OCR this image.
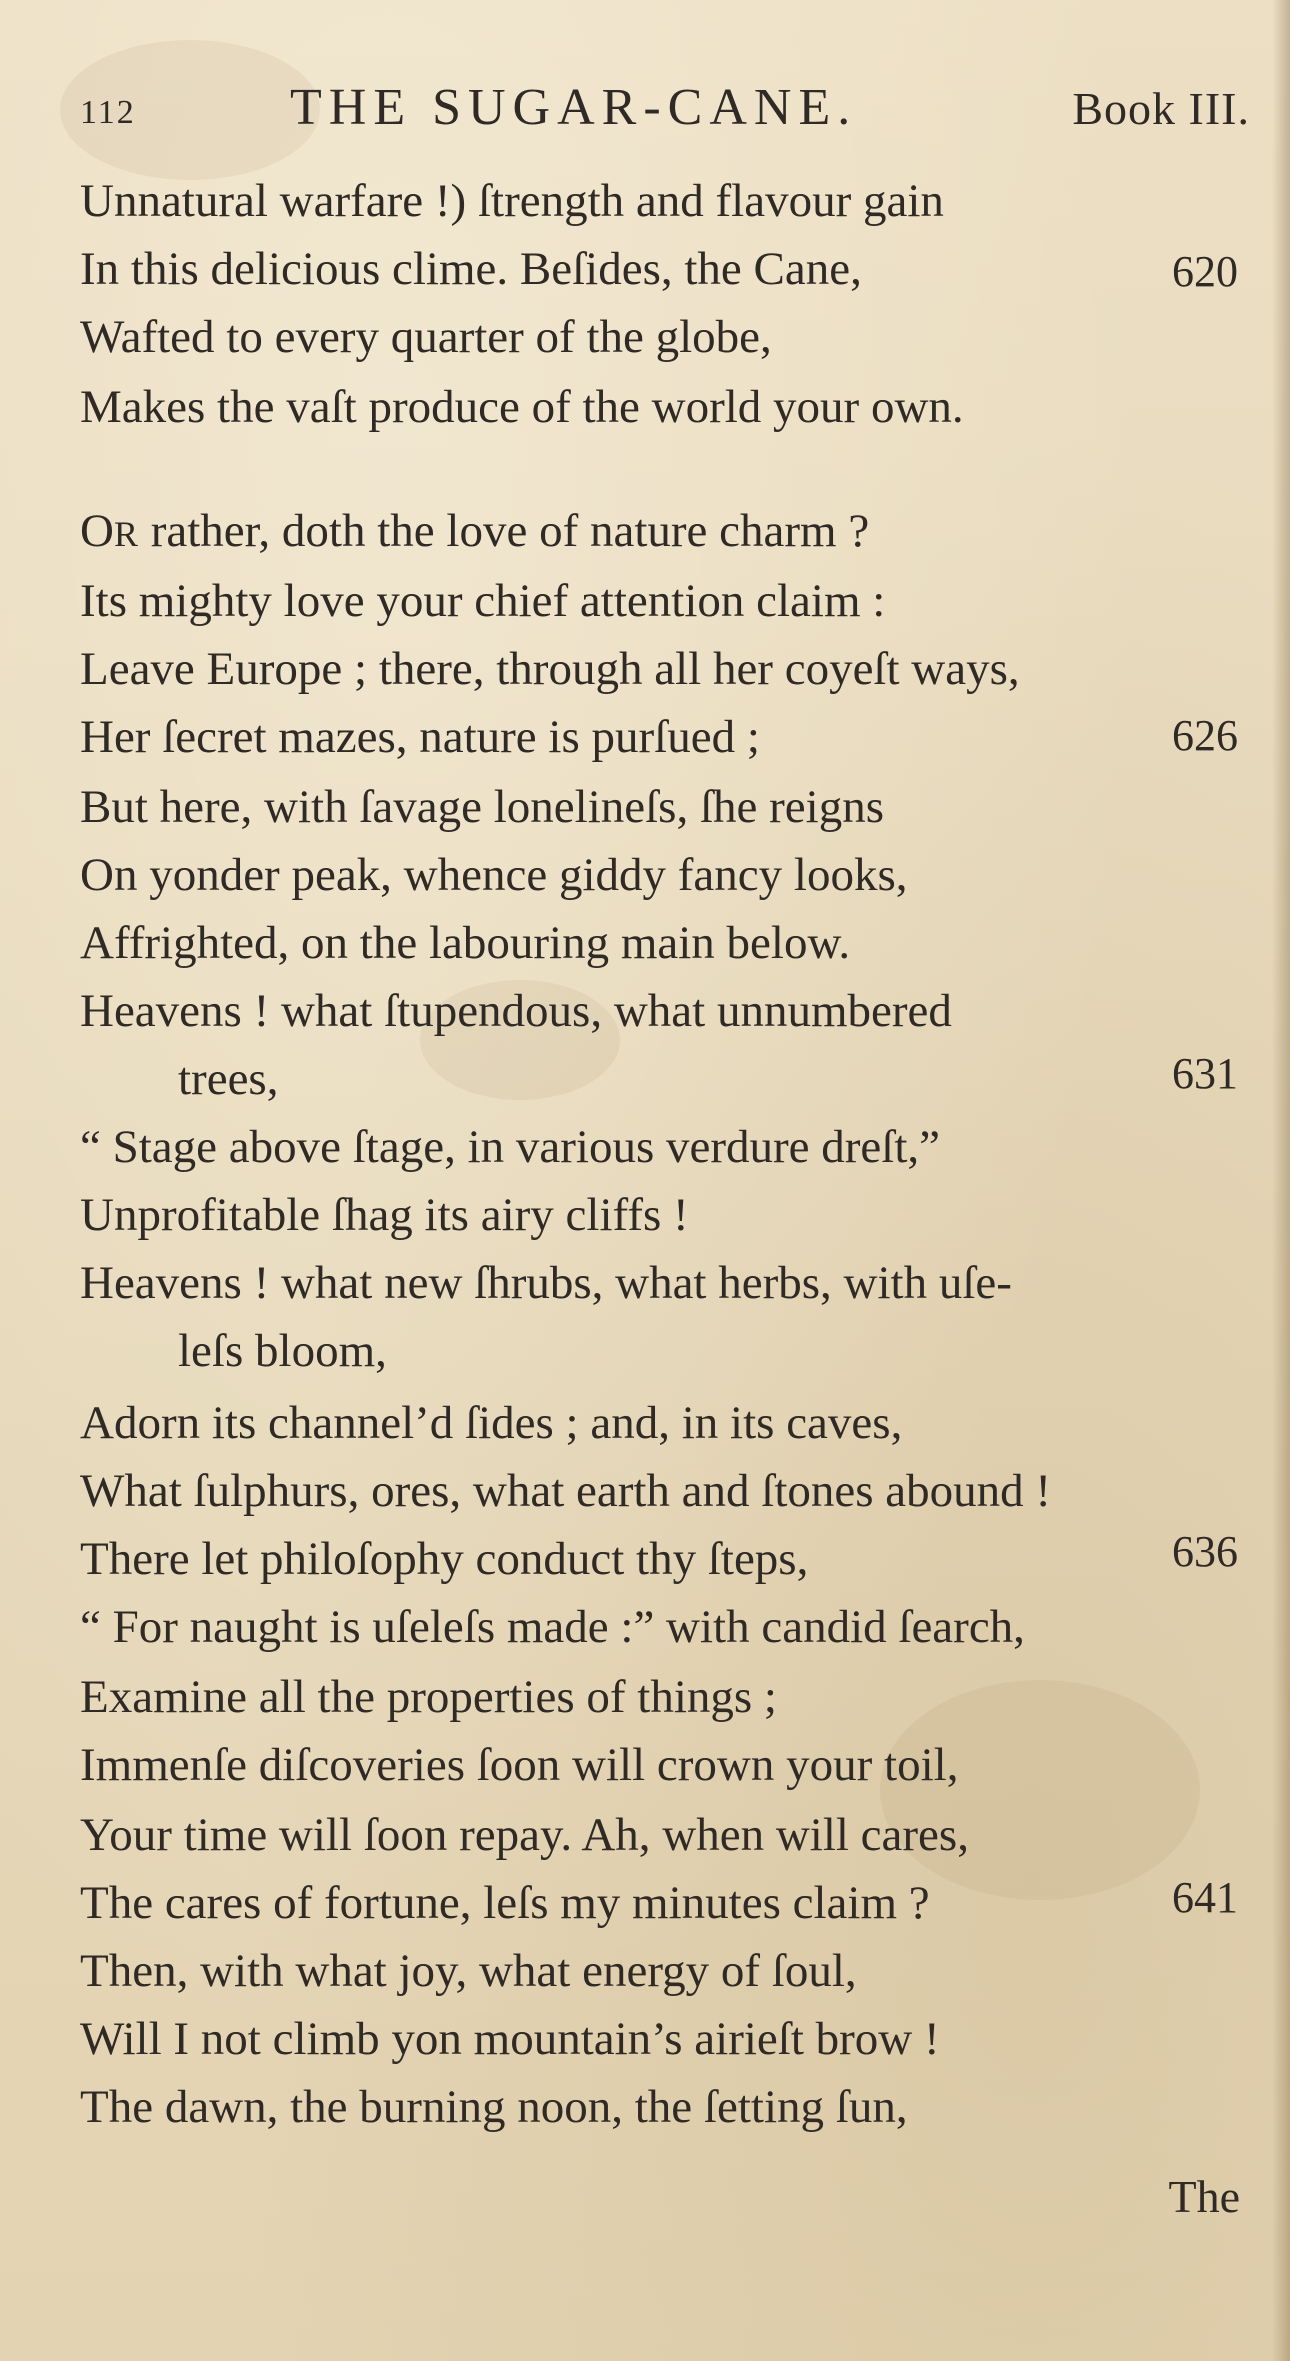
112	THE SUGAR-CANE.	Book III.
Unnatural warfare !) ſtrength and flavour gain
In this delicious clime. Beſides, the Cane,	620
Wafted to every quarter of the globe,
Makes the vaſt produce of the world your own.
OR rather, doth the love of nature charm ?
Its mighty love your chief attention claim :
Leave Europe ; there, through all her coyeſt ways,
Her ſecret mazes, nature is purſued ;	626
But here, with ſavage lonelineſs, ſhe reigns
On yonder peak, whence giddy fancy looks,
Affrighted, on the labouring main below.
Heavens ! what ſtupendous, what unnumbered
trees,	631
“ Stage above ſtage, in various verdure dreſt,”
Unprofitable ſhag its airy cliffs !
Heavens ! what new ſhrubs, what herbs, with uſe-
leſs bloom,
Adorn its channel’d ſides ; and, in its caves,
What ſulphurs, ores, what earth and ſtones abound !
There let philoſophy conduct thy ſteps,	636
“ For naught is uſeleſs made :” with candid ſearch,
Examine all the properties of things ;
Immenſe diſcoveries ſoon will crown your toil,
Your time will ſoon repay. Ah, when will cares,
The cares of fortune, leſs my minutes claim ?	641
Then, with what joy, what energy of ſoul,
Will I not climb yon mountain’s airieſt brow !
The dawn, the burning noon, the ſetting ſun,
The
